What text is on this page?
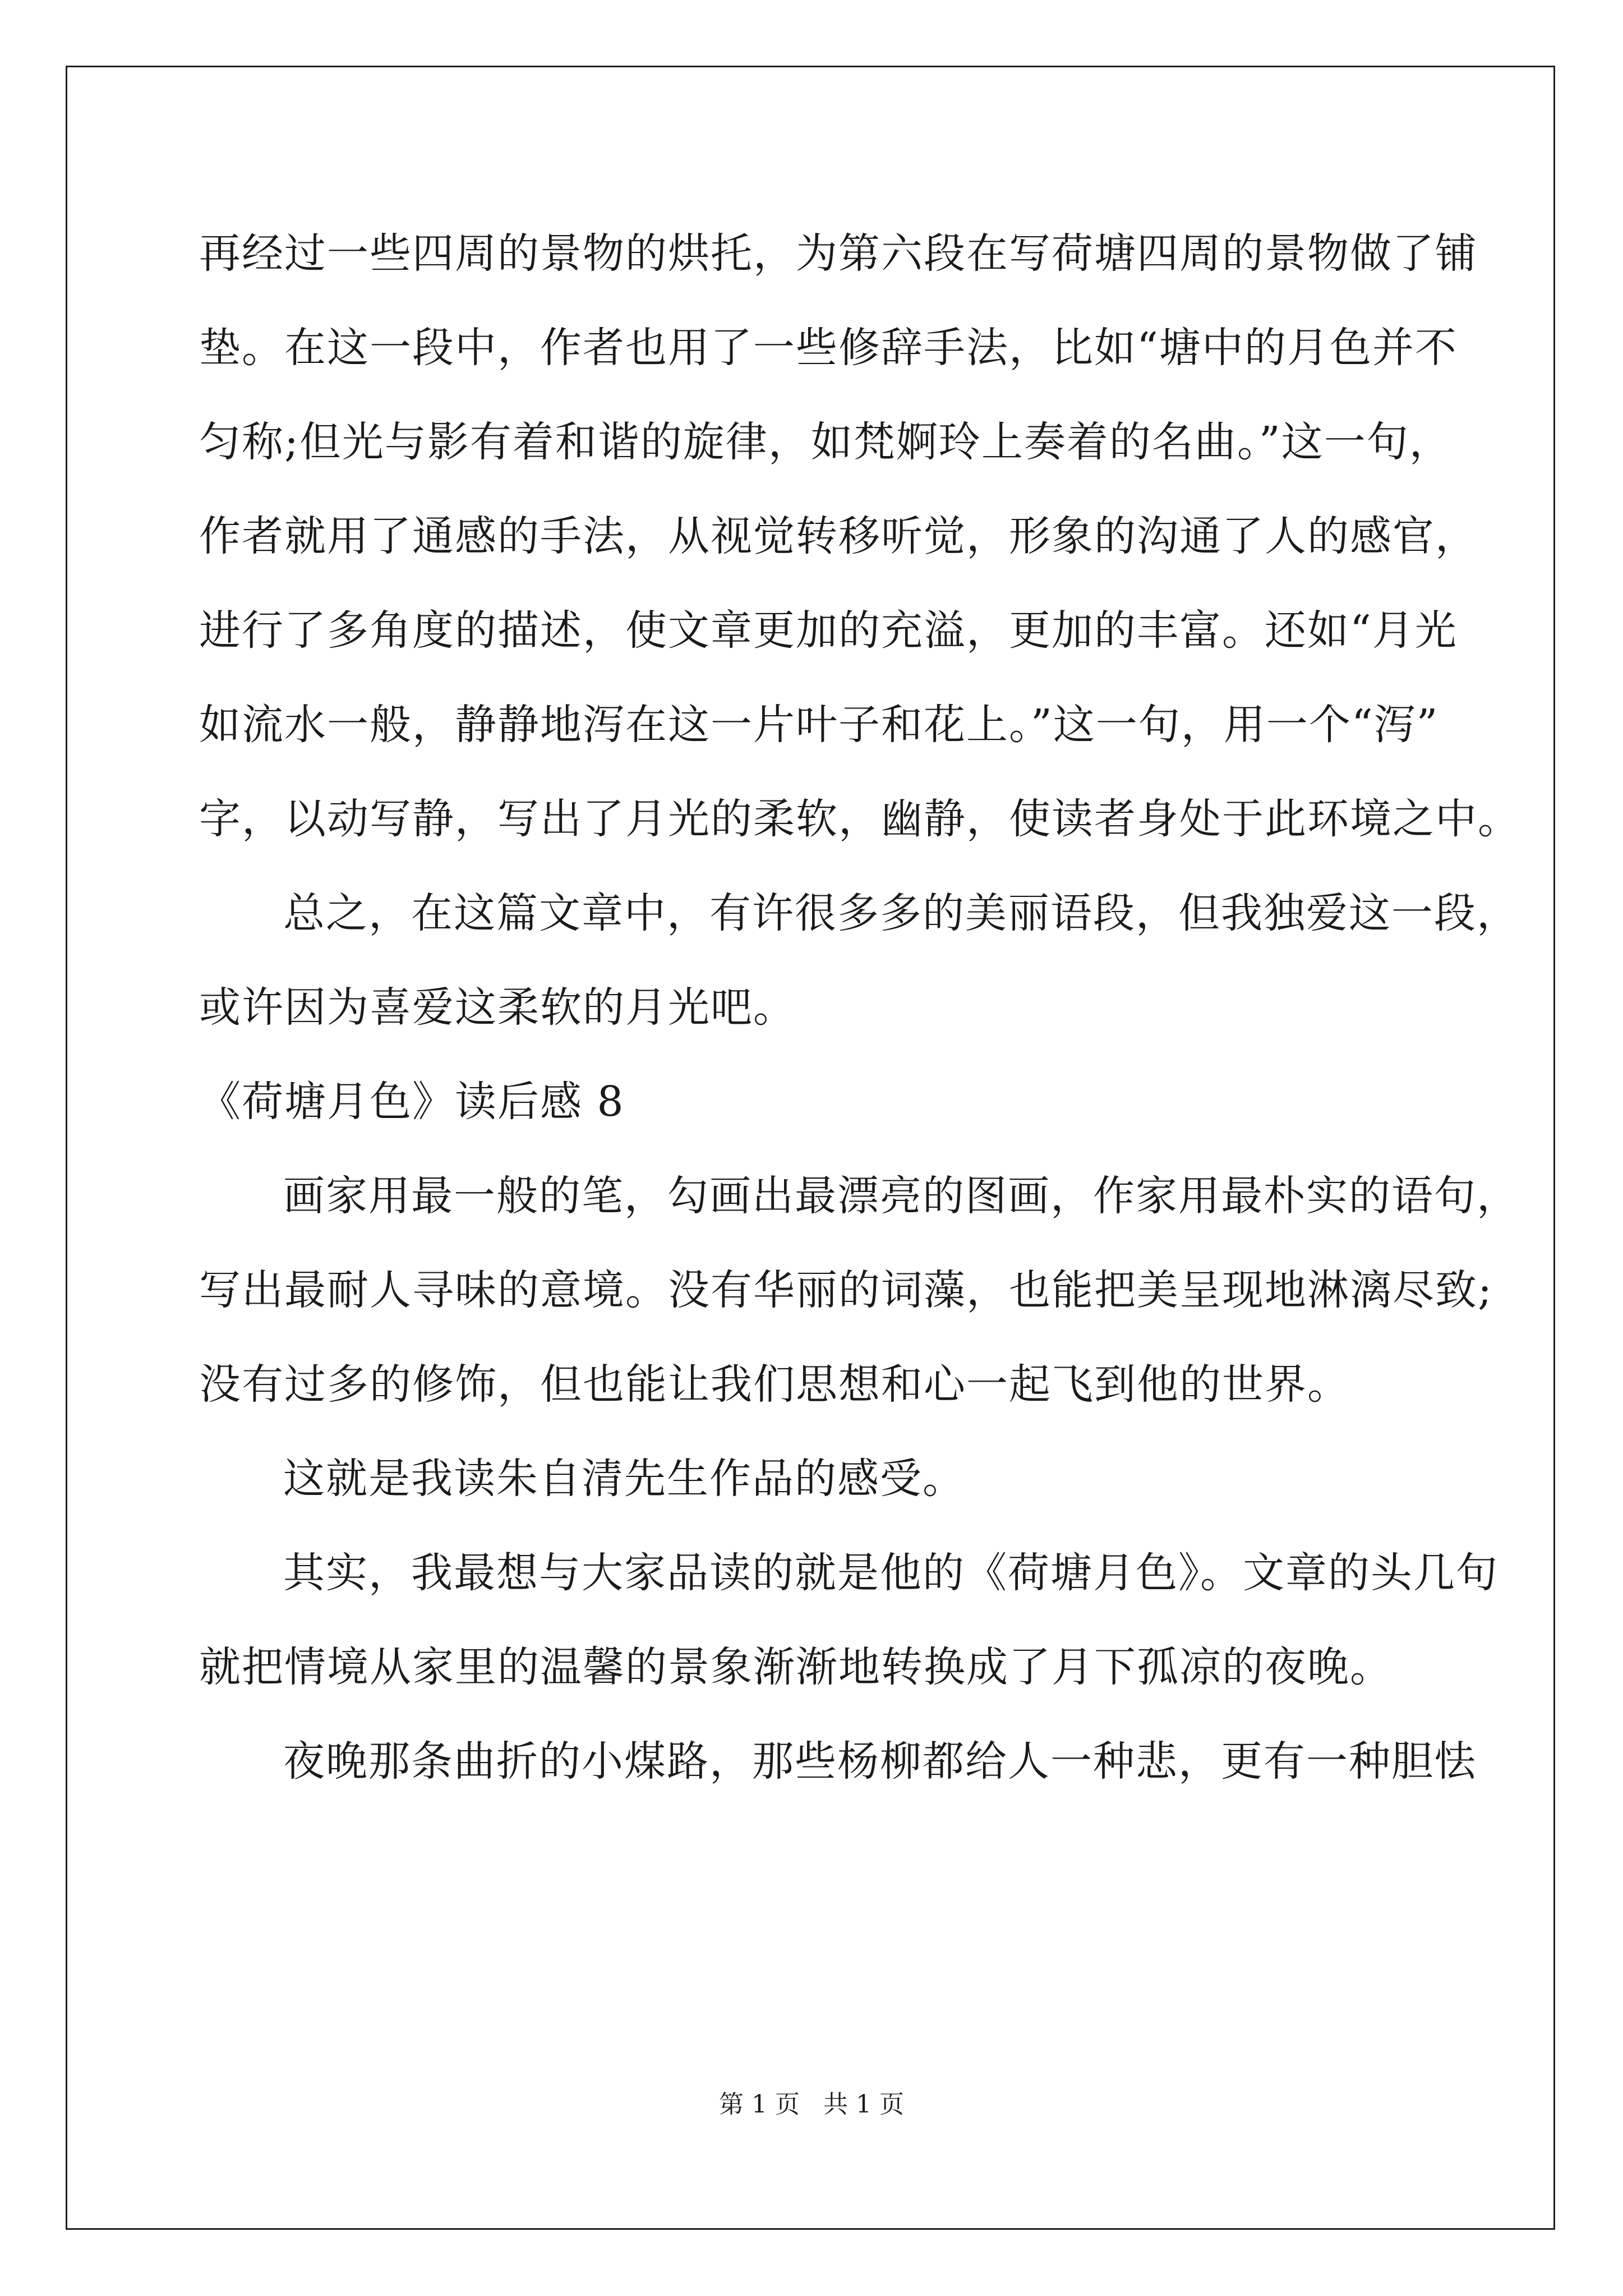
再经过一些四周的景物的烘托，为第六段在写荷塘四周的景物做了铺
垫。在这一段中，作者也用了一些修辞手法，比如“塘中的月色并不
匀称;但光与影有着和谐的旋律，如梵婀玲上奏着的名曲。”这一句，
作者就用了通感的手法，从视觉转移听觉，形象的沟通了人的感官，
进行了多角度的描述，使文章更加的充溢，更加的丰富。还如“月光
如流水一般，静静地泻在这一片叶子和花上。”这一句，用一个“泻”
字，以动写静，写出了月光的柔软，幽静，使读者身处于此环境之中。
总之，在这篇文章中，有许很多多的美丽语段，但我独爱这一段，
或许因为喜爱这柔软的月光吧。
《荷塘月色》读后感 8
画家用最一般的笔，勾画出最漂亮的图画，作家用最朴实的语句，
写出最耐人寻味的意境。没有华丽的词藻，也能把美呈现地淋漓尽致;
没有过多的修饰，但也能让我们思想和心一起飞到他的世界。
这就是我读朱自清先生作品的感受。
其实，我最想与大家品读的就是他的《荷塘月色》。文章的头几句
就把情境从家里的温馨的景象渐渐地转换成了月下孤凉的夜晚。
夜晚那条曲折的小煤路，那些杨柳都给人一种悲，更有一种胆怯
第 1 页   共 1 页
